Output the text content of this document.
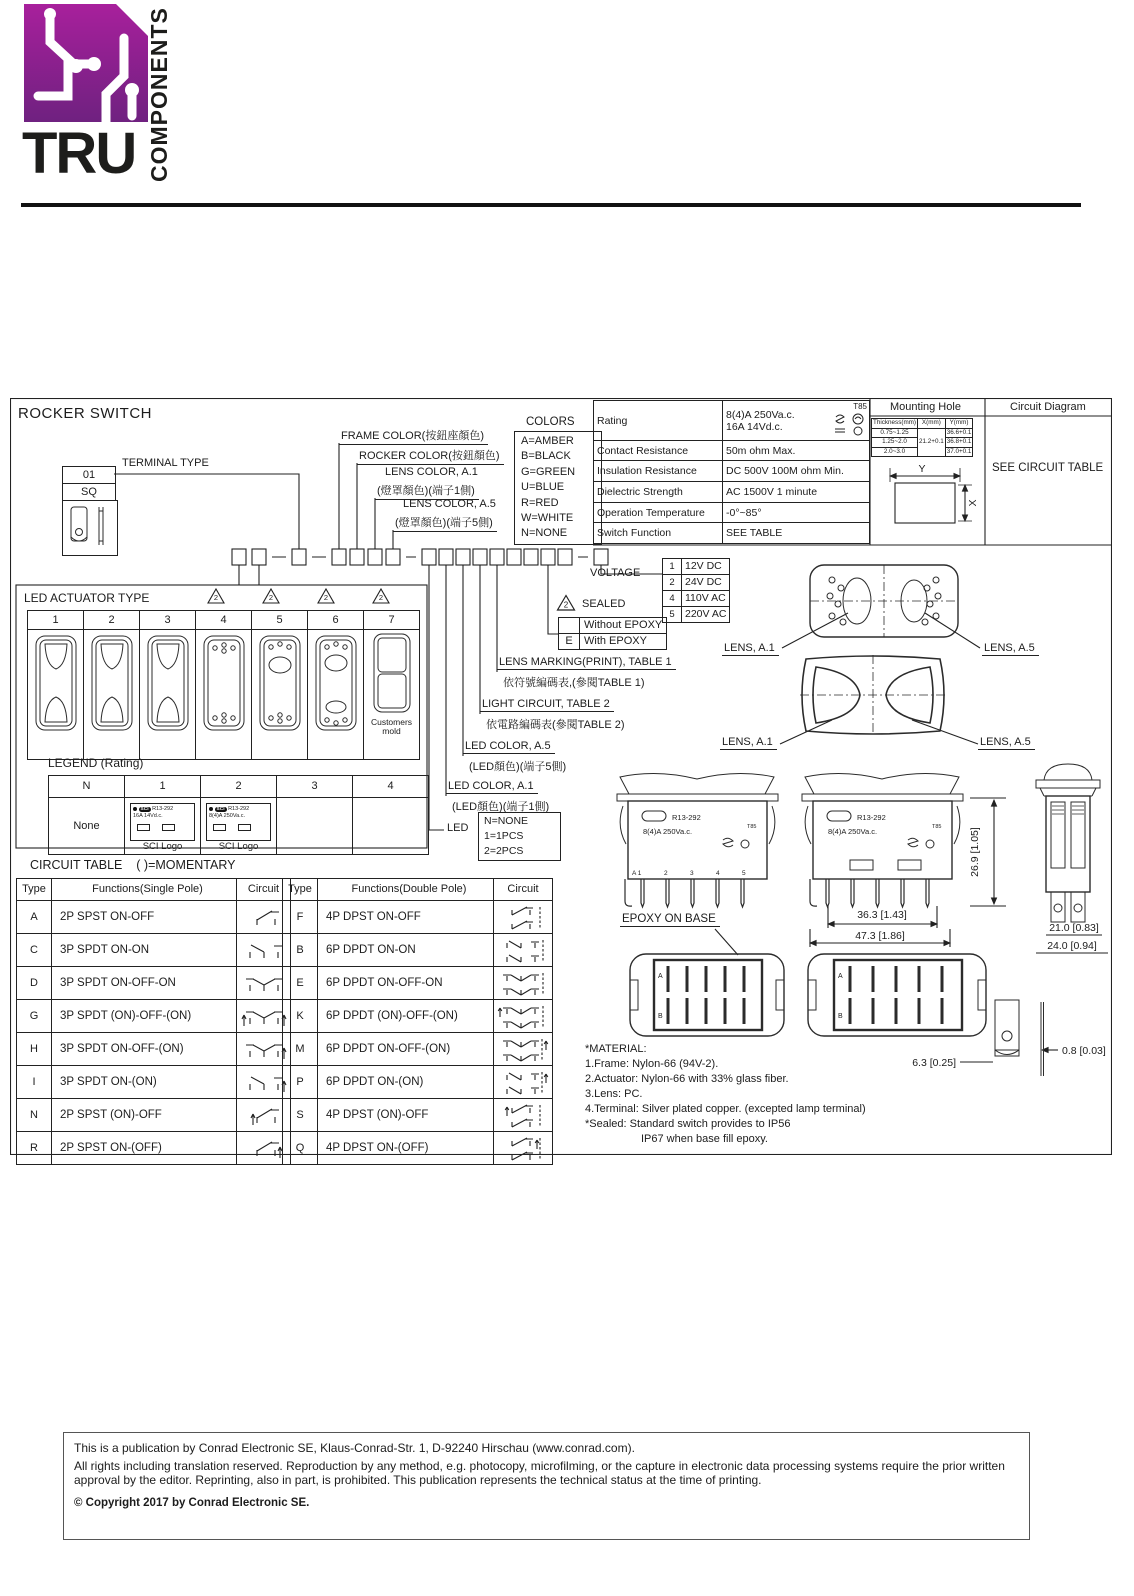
TRU COMPONENTS
36.3 [1.43]
47.3 [1.86]
26.9 [1.05]
21.0 [0.83]
24.0 [0.94]
6.3 [0.25]
0.8 [0.03]
Y
X
ROCKER SWITCH
01
SQ
TERMINAL TYPE
FRAME COLOR(按鈕座顏色)
ROCKER COLOR(按鈕顏色)
LENS COLOR, A.1
(燈罩顏色)(端子1側)
LENS COLOR, A.5
(燈罩顏色)(端子5側)
COLORS
A=AMBER
B=BLACK
G=GREEN
U=BLUE
R=RED
W=WHITE
N=NONE
Rating	8(4)A 250Va.c.
16A 14Vd.c.
T85

Contact Resistance	50m ohm Max.
Insulation Resistance	DC 500V 100M ohm Min.
Dielectric Strength	AC 1500V 1 minute
Operation Temperature	-0°~85°
Switch Function	SEE TABLE
Mounting Hole
Thickness(mm)	X(mm)	Y(mm)
0.75~1.25	21.2+0.1	36.6+0.1
1.25~2.0		36.8+0.1
2.0~3.0		37.0+0.1
Circuit Diagram
SEE CIRCUIT TABLE
VOLTAGE
1	12V DC
2	24V DC
4	110V AC
5	220V AC
2 SEALED
	Without EPOXY
E	With EPOXY
LENS MARKING(PRINT), TABLE 1
依符號編碼表,(參閱TABLE 1)
LIGHT CIRCUIT, TABLE 2
依電路編碼表(參閱TABLE 2)
LED COLOR, A.5
(LED顏色)(端子5側)
LED COLOR, A.1
(LED顏色)(端子1側)
LED
N=NONE
1=1PCS
2=2PCS
LED ACTUATOR TYPE	2	2	2	2
1	2	3	4	5	6	7

Customers
mold
LEGEND (Rating)
N	1	2	3	4
None	
SCI R13-292
16A 14Vd.c.
SCI Logo

SCI R13-292
8(4)A 250Va.c.
SCI Logo

CIRCUIT TABLE ( )=MOMENTARY
Type	Functions(Single Pole)	Circuit
A	2P SPST ON-OFF	

C	3P SPDT ON-ON	

D	3P SPDT ON-OFF-ON	

G	3P SPDT (ON)-OFF-(ON)	

H	3P SPDT ON-OFF-(ON)	

I	3P SPDT ON-(ON)	

N	2P SPST (ON)-OFF	

R	2P SPST ON-(OFF)	
Type	Functions(Double Pole)	Circuit
F	4P DPST ON-OFF	

B	6P DPDT ON-ON	

E	6P DPDT ON-OFF-ON	

K	6P DPDT (ON)-OFF-(ON)	

M	6P DPDT ON-OFF-(ON)	

P	6P DPDT ON-(ON)	

S	4P DPST (ON)-OFF	

Q	4P DPST ON-(OFF)	
LENS, A.1	LENS, A.5
LENS, A.1	LENS, A.5
SCI R13-292
8(4)A 250Va.c.	T85
A 1	2	3	4	5
SCI R13-292
8(4)A 250Va.c.	T85
EPOXY ON BASE
A
B
A
B
*MATERIAL:
1.Frame: Nylon-66 (94V-2).
2.Actuator: Nylon-66 with 33% glass fiber.
3.Lens: PC.
4.Terminal: Silver plated copper. (excepted lamp terminal)
*Sealed: Standard switch provides to IP56
IP67 when base fill epoxy.

This is a publication by Conrad Electronic SE, Klaus-Conrad-Str. 1, D-92240 Hirschau (www.conrad.com).

All rights including translation reserved. Reproduction by any method, e.g. photocopy, microfilming, or the capture in electronic data processing systems require the prior written approval by the editor. Reprinting, also in part, is prohibited. This publication represents the technical status at the time of printing.

© Copyright 2017 by Conrad Electronic SE.
